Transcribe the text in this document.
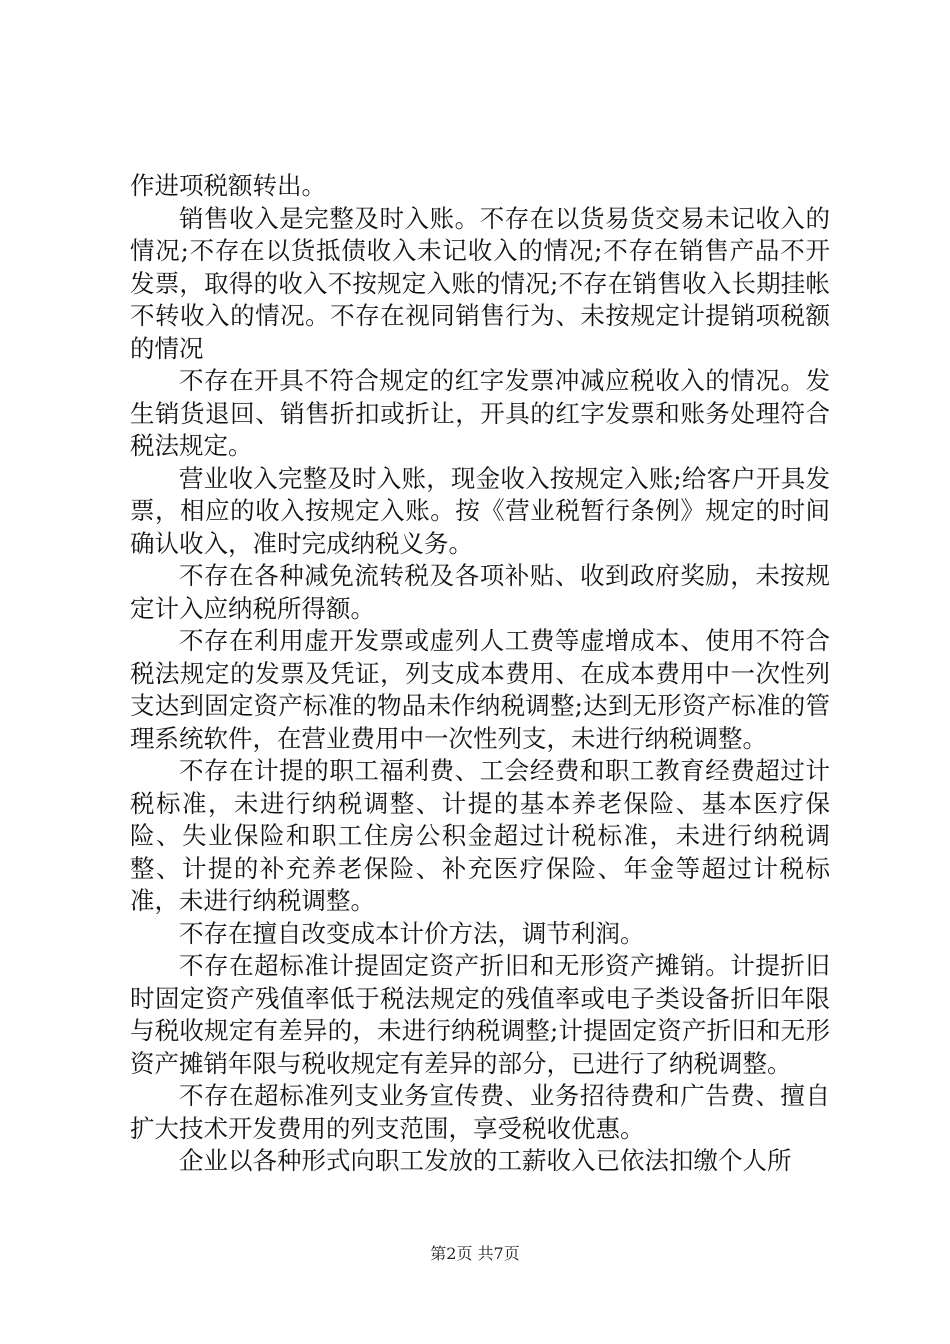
作进项税额转出。

销售收入是完整及时入账。不存在以货易货交易未记收入的情况;不存在以货抵债收入未记收入的情况;不存在销售产品不开发票，取得的收入不按规定入账的情况;不存在销售收入长期挂帐不转收入的情况。不存在视同销售行为、未按规定计提销项税额的情况

不存在开具不符合规定的红字发票冲减应税收入的情况。发生销货退回、销售折扣或折让，开具的红字发票和账务处理符合税法规定。

营业收入完整及时入账，现金收入按规定入账;给客户开具发票，相应的收入按规定入账。按《营业税暂行条例》规定的时间确认收入，准时完成纳税义务。

不存在各种减免流转税及各项补贴、收到政府奖励，未按规定计入应纳税所得额。

不存在利用虚开发票或虚列人工费等虚增成本、使用不符合税法规定的发票及凭证，列支成本费用、在成本费用中一次性列支达到固定资产标准的物品未作纳税调整;达到无形资产标准的管理系统软件，在营业费用中一次性列支，未进行纳税调整。

不存在计提的职工福利费、工会经费和职工教育经费超过计税标准，未进行纳税调整、计提的基本养老保险、基本医疗保险、失业保险和职工住房公积金超过计税标准，未进行纳税调整、计提的补充养老保险、补充医疗保险、年金等超过计税标准，未进行纳税调整。

不存在擅自改变成本计价方法，调节利润。

不存在超标准计提固定资产折旧和无形资产摊销。计提折旧时固定资产残值率低于税法规定的残值率或电子类设备折旧年限与税收规定有差异的，未进行纳税调整;计提固定资产折旧和无形资产摊销年限与税收规定有差异的部分，已进行了纳税调整。

不存在超标准列支业务宣传费、业务招待费和广告费、擅自扩大技术开发费用的列支范围，享受税收优惠。

企业以各种形式向职工发放的工薪收入已依法扣缴个人所

第2页 共7页
